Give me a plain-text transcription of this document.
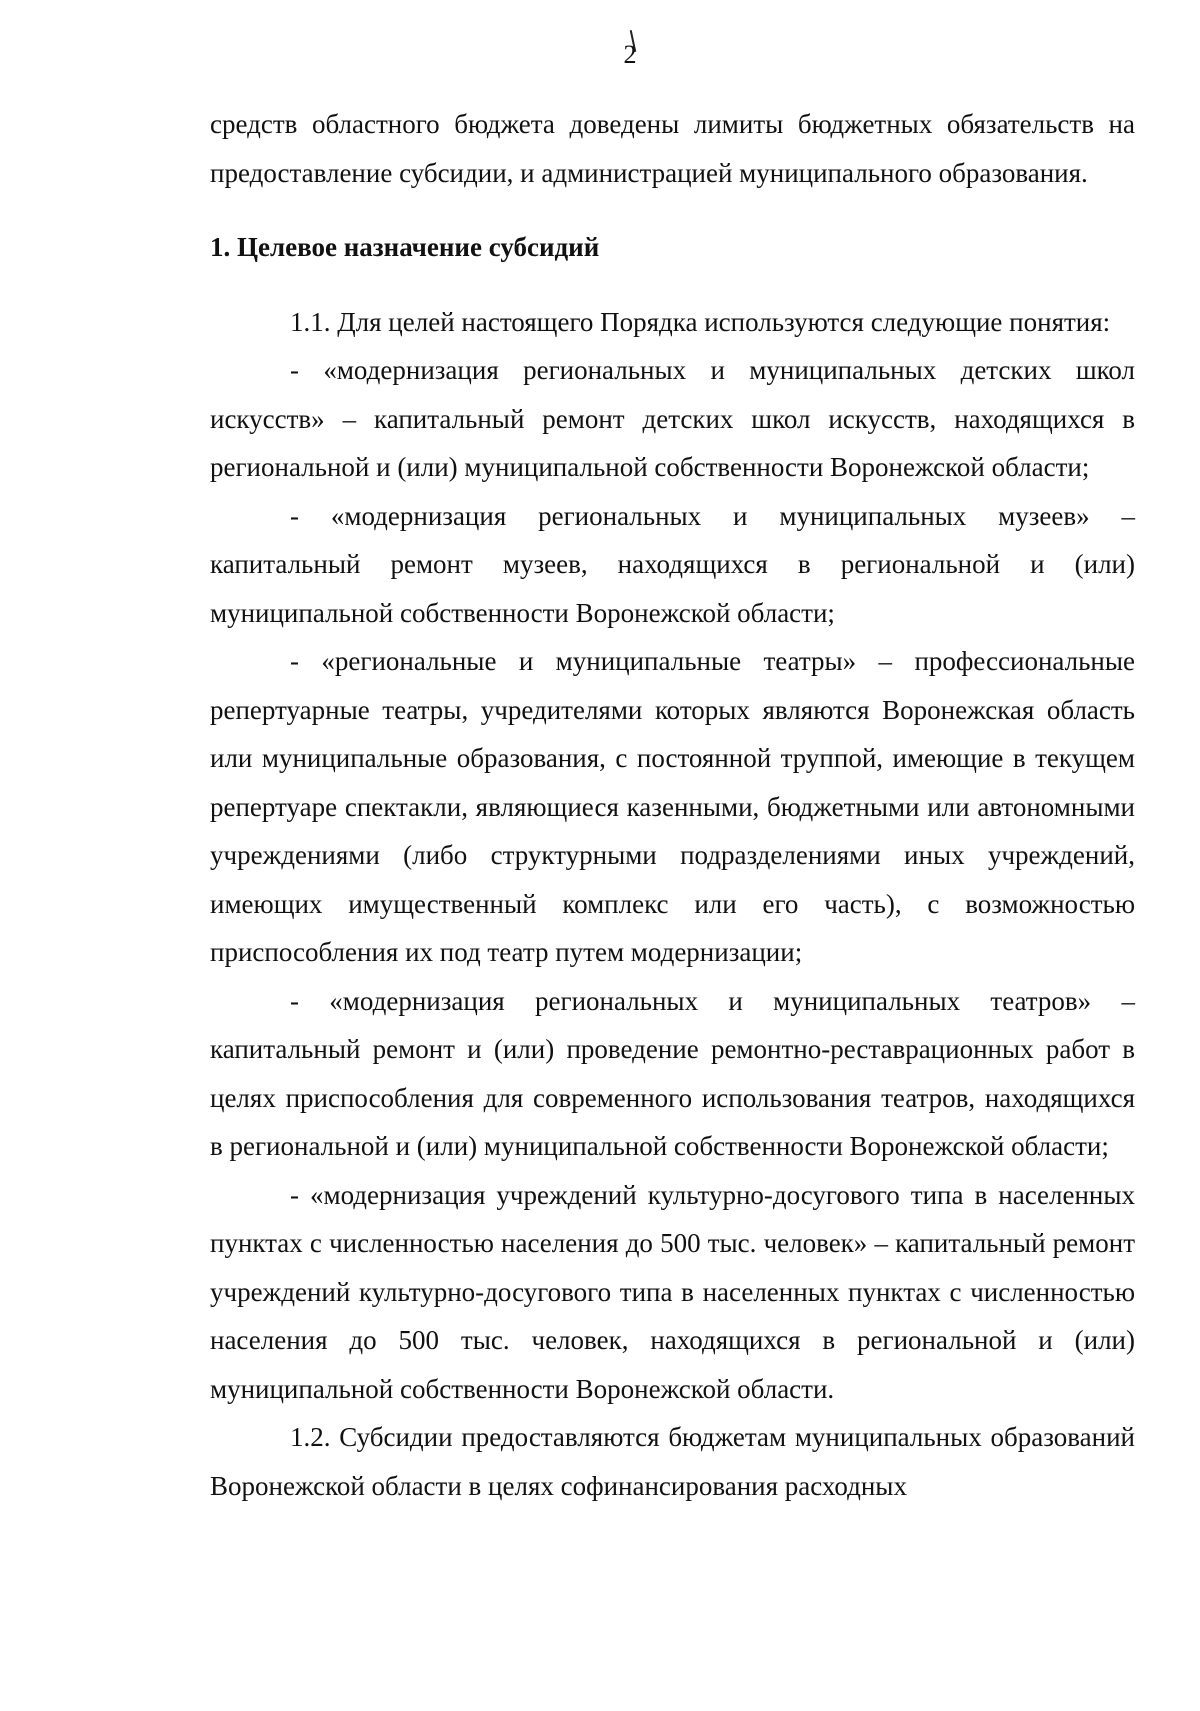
2

средств областного бюджета доведены лимиты бюджетных обязательств на предоставление субсидии, и администрацией муниципального образования.

1. Целевое назначение субсидий

1.1. Для целей настоящего Порядка используются следующие понятия:

- «модернизация региональных и муниципальных детских школ искусств» – капитальный ремонт детских школ искусств, находящихся в региональной и (или) муниципальной собственности Воронежской области;

- «модернизация региональных и муниципальных музеев» – капитальный ремонт музеев, находящихся в региональной и (или) муниципальной собственности Воронежской области;

- «региональные и муниципальные театры» – профессиональные репертуарные театры, учредителями которых являются Воронежская область или муниципальные образования, с постоянной труппой, имеющие в текущем репертуаре спектакли, являющиеся казенными, бюджетными или автономными учреждениями (либо структурными подразделениями иных учреждений, имеющих имущественный комплекс или его часть), с возможностью приспособления их под театр путем модернизации;

- «модернизация региональных и муниципальных театров» – капитальный ремонт и (или) проведение ремонтно-реставрационных работ в целях приспособления для современного использования театров, находящихся в региональной и (или) муниципальной собственности Воронежской области;

- «модернизация учреждений культурно-досугового типа в населенных пунктах с численностью населения до 500 тыс. человек» – капитальный ремонт учреждений культурно-досугового типа в населенных пунктах с численностью населения до 500 тыс. человек, находящихся в региональной и (или) муниципальной собственности Воронежской области.

1.2. Субсидии предоставляются бюджетам муниципальных образований Воронежской области в целях софинансирования расходных
